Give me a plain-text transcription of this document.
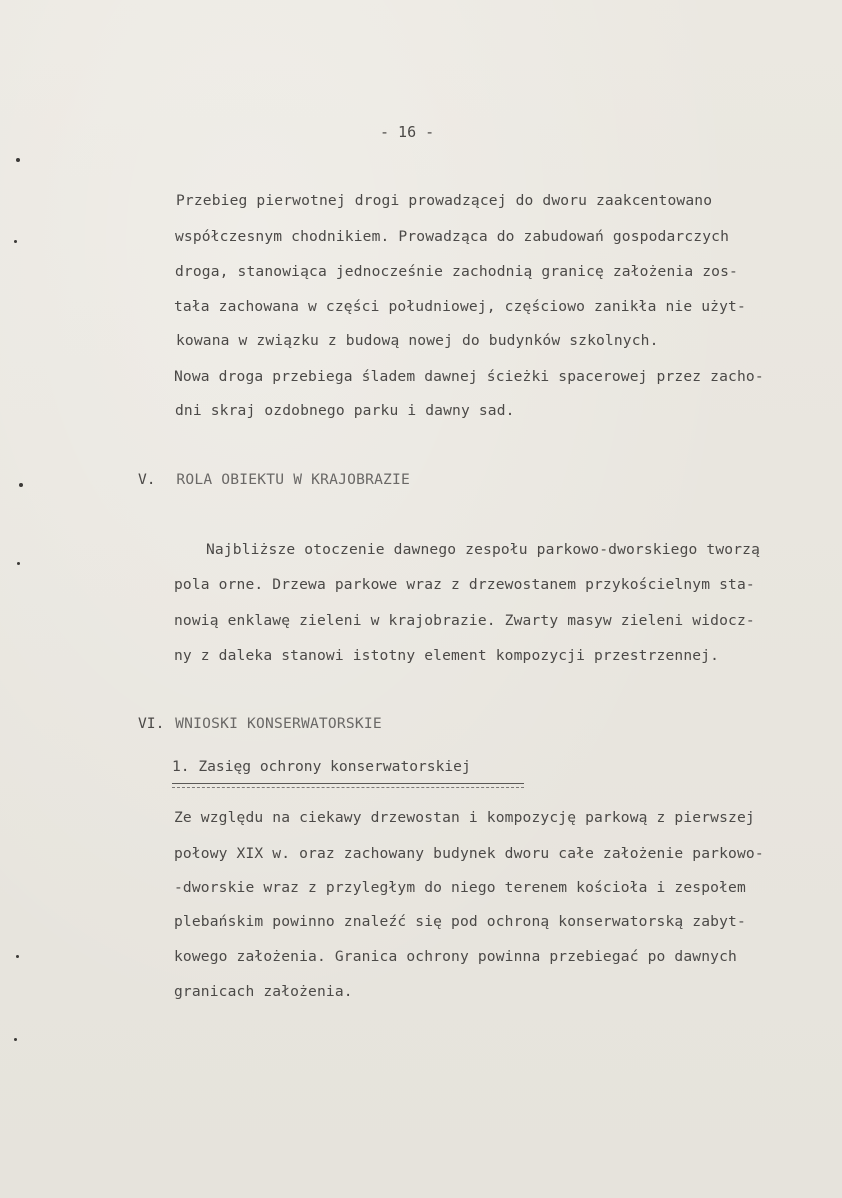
- 16 -
Przebieg pierwotnej drogi prowadzącej do dworu zaakcentowano
współczesnym chodnikiem. Prowadząca do zabudowań gospodarczych
droga, stanowiąca jednocześnie zachodnią granicę założenia zos-
tała zachowana w części południowej, częściowo zanikła nie użyt-
kowana w związku z budową nowej do budynków szkolnych.
Nowa droga przebiega śladem dawnej ścieżki spacerowej przez zacho-
dni skraj ozdobnego parku i dawny sad.
V. ROLA OBIEKTU W KRAJOBRAZIE
Najbliższe otoczenie dawnego zespołu parkowo-dworskiego tworzą
pola orne. Drzewa parkowe wraz z drzewostanem przykościelnym sta-
nowią enklawę zieleni w krajobrazie. Zwarty masyw zieleni widocz-
ny z daleka stanowi istotny element kompozycji przestrzennej.
VI. WNIOSKI KONSERWATORSKIE
1. Zasięg ochrony konserwatorskiej
Ze względu na ciekawy drzewostan i kompozycję parkową z pierwszej
połowy XIX w. oraz zachowany budynek dworu całe założenie parkowo-
-dworskie wraz z przyległym do niego terenem kościoła i zespołem
plebańskim powinno znaleźć się pod ochroną konserwatorską zabyt-
kowego założenia. Granica ochrony powinna przebiegać po dawnych
granicach założenia.
